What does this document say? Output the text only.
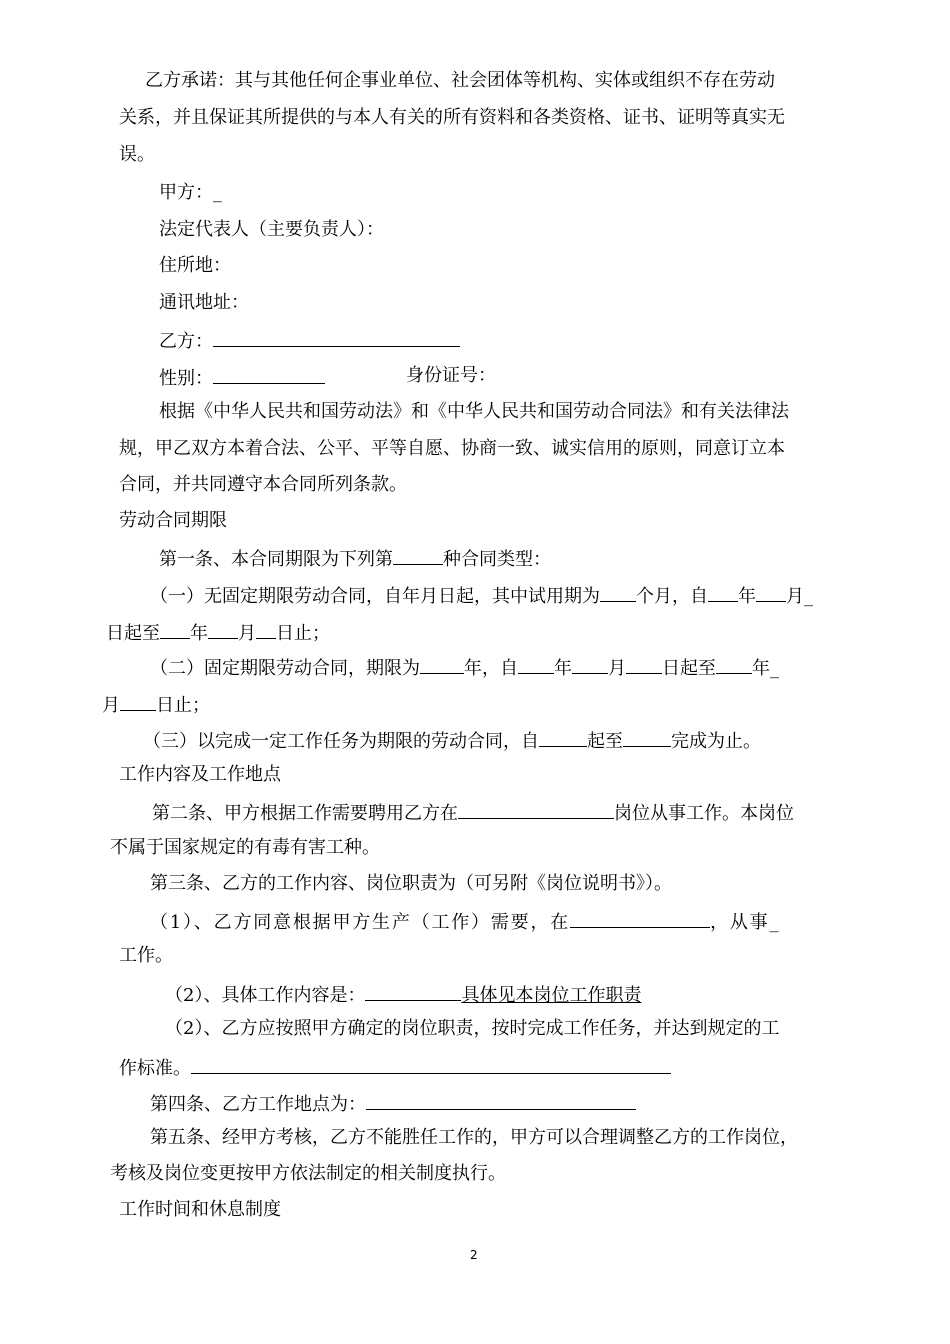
乙方承诺：其与其他任何企事业单位、社会团体等机构、实体或组织不存在劳动
关系，并且保证其所提供的与本人有关的所有资料和各类资格、证书、证明等真实无
误。
甲方：_
法定代表人（主要负责人）：
住所地：
通讯地址：
乙方：
性别：	身份证号：
根据《中华人民共和国劳动法》和《中华人民共和国劳动合同法》和有关法律法
规，甲乙双方本着合法、公平、平等自愿、协商一致、诚实信用的原则，同意订立本
合同，并共同遵守本合同所列条款。
劳动合同期限
第一条、本合同期限为下列第	种合同类型：
（一）无固定期限劳动合同，自年月日起，其中试用期为 个月，自 年 月_
日起至 年 月 日止；
（二）固定期限劳动合同，期限为 年，自 年 月 日起至 年_
月 日止；
（三）以完成一定工作任务为期限的劳动合同，自	起至	完成为止。
工作内容及工作地点
第二条、甲方根据工作需要聘用乙方在	岗位从事工作。本岗位
不属于国家规定的有毒有害工种。
第三条、乙方的工作内容、岗位职责为（可另附《岗位说明书》）。
（1）、乙方同意根据甲方生产（工作）需要，在	，从事_
工作。
（2）、具体工作内容是：	具体见本岗位工作职责
（2）、乙方应按照甲方确定的岗位职责，按时完成工作任务，并达到规定的工
作标准。
第四条、乙方工作地点为：
第五条、经甲方考核，乙方不能胜任工作的，甲方可以合理调整乙方的工作岗位，
考核及岗位变更按甲方依法制定的相关制度执行。
工作时间和休息制度
2
